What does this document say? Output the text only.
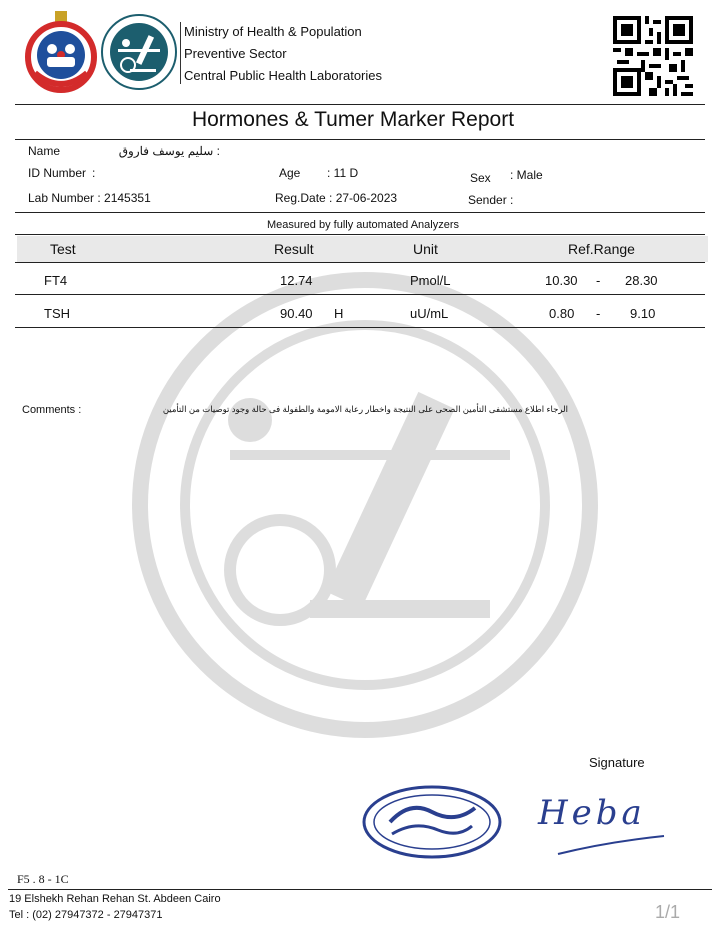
Ministry of Health & Population
Preventive Sector
Central Public Health Laboratories
Hormones & Tumer Marker Report
Name	: سليم يوسف فاروق
ID Number :	Age : 11 D	Sex : Male
Lab Number : 2145351	Reg.Date : 27-06-2023	Sender :
Measured by fully automated Analyzers
Test	Result	Unit	Ref.Range
FT4	12.74	Pmol/L	10.30 - 28.30
TSH	90.40 H	uU/mL	0.80 - 9.10
Comments :	الرجاء اطلاع مستشفى التأمين الصحى على النتيجة واخطار رعاية الامومة والطفولة فى حالة وجود توصيات من التأمين
Signature
Heba
F5 . 8 - 1C
19 Elshekh Rehan Rehan St. Abdeen Cairo
Tel : (02) 27947372 - 27947371	1/1
